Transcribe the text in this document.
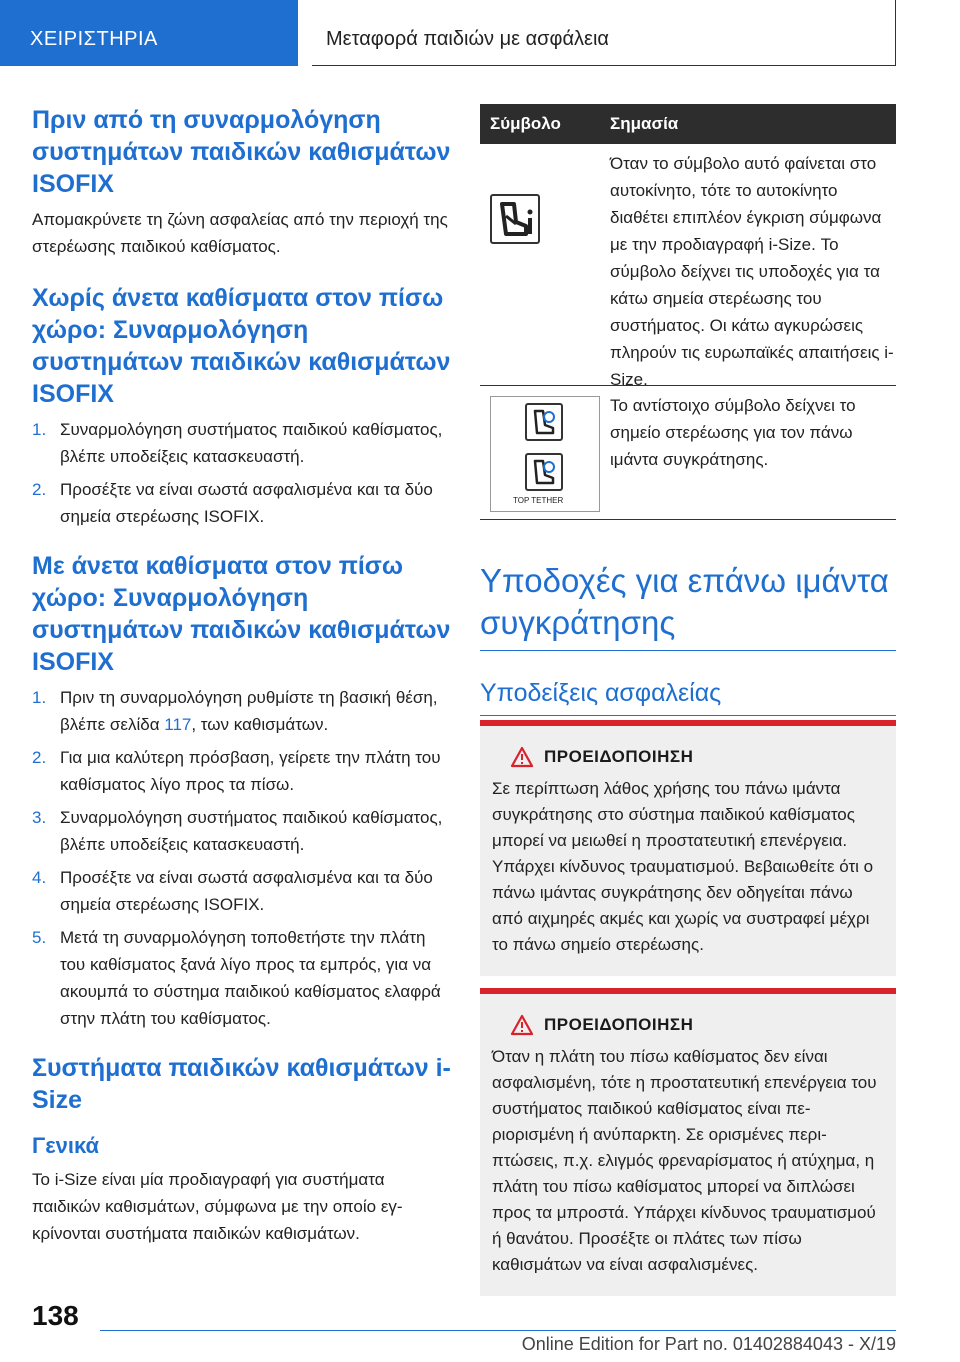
ΧΕΙΡΙΣΤΗΡΙΑ	Μεταφορά παιδιών με ασφάλεια
Πριν από τη συναρμολόγηση συστημάτων παιδικών καθισμάτων ISOFIX

Απομακρύνετε τη ζώνη ασφαλείας από την περιοχή της στερέωσης παιδικού καθίσματος.

Χωρίς άνετα καθίσματα στον πίσω χώρο: Συναρμολόγηση συστημάτων παιδικών καθισμάτων ISOFIX
1. Συναρμολόγηση συστήματος παιδικού καθίσματος, βλέπε υποδείξεις κατασκευαστή.
2. Προσέξτε να είναι σωστά ασφαλισμένα και τα δύο σημεία στερέωσης ISOFIX.
Με άνετα καθίσματα στον πίσω χώρο: Συναρμολόγηση συστημάτων παιδικών καθισμάτων ISOFIX
1. Πριν τη συναρμολόγηση ρυθμίστε τη βασική θέση, βλέπε σελίδα 117, των καθισμάτων.
2. Για μια καλύτερη πρόσβαση, γείρετε την πλάτη του καθίσματος λίγο προς τα πίσω.
3. Συναρμολόγηση συστήματος παιδικού καθίσματος, βλέπε υποδείξεις κατασκευαστή.
4. Προσέξτε να είναι σωστά ασφαλισμένα και τα δύο σημεία στερέωσης ISOFIX.
5. Μετά τη συναρμολόγηση τοποθετήστε την πλάτη του καθίσματος ξανά λίγο προς τα εμπρός, για να ακουμπά το σύστημα παιδικού καθίσματος ελαφρά στην πλάτη του καθίσματος.
Συστήματα παιδικών καθισμάτων i-Size
Γενικά

Το i-Size είναι μία προδιαγραφή για συστήματα παιδικών καθισμάτων, σύμφωνα με την οποίο εγκρίνονται συστήματα παιδικών καθισμάτων.

Σύμβολο	Σημασία

Όταν το σύμβολο αυτό φαίνεται στο αυτοκίνητο, τότε το αυτοκίνητο διαθέτει επιπλέον έγκριση σύμφωνα με την προδιαγραφή i-Size. Το σύμβολο δείχνει τις υποδοχές για τα κάτω σημεία στερέωσης του συστήματος. Οι κάτω αγκυρώσεις πληρούν τις ευρωπαϊκές απαιτήσεις i-Size.

TOP TETHER

Το αντίστοιχο σύμβολο δείχνει το σημείο στερέωσης για τον πάνω ιμάντα συγκράτησης.

Υποδοχές για επάνω ιμάντα συγκράτησης
Υποδείξεις ασφαλείας
ΠΡΟΕΙΔΟΠΟΙΗΣΗ

Σε περίπτωση λάθος χρήσης του πάνω ιμάντα συγκράτησης στο σύστημα παιδικού καθίσματος μπορεί να μειωθεί η προστατευτική επενέργεια. Υπάρχει κίνδυνος τραυματισμού. Βεβαιωθείτε ότι ο πάνω ιμάντας συγκράτησης δεν οδηγείται πάνω από αιχμηρές ακμές και χωρίς να συστραφεί μέχρι το πάνω σημείο στερέωσης.

ΠΡΟΕΙΔΟΠΟΙΗΣΗ

Όταν η πλάτη του πίσω καθίσματος δεν είναι ασφαλισμένη, τότε η προστατευτική επενέργεια του συστήματος παιδικού καθίσματος είναι περιορισμένη ή ανύπαρκτη. Σε ορισμένες περιπτώσεις, π.χ. ελιγμός φρεναρίσματος ή ατύχημα, η πλάτη του πίσω καθίσματος μπορεί να διπλώσει προς τα μπροστά. Υπάρχει κίνδυνος τραυματισμού ή θανάτου. Προσέξτε οι πλάτες των πίσω καθισμάτων να είναι ασφαλισμένες.

138
Online Edition for Part no. 01402884043 - X/19
